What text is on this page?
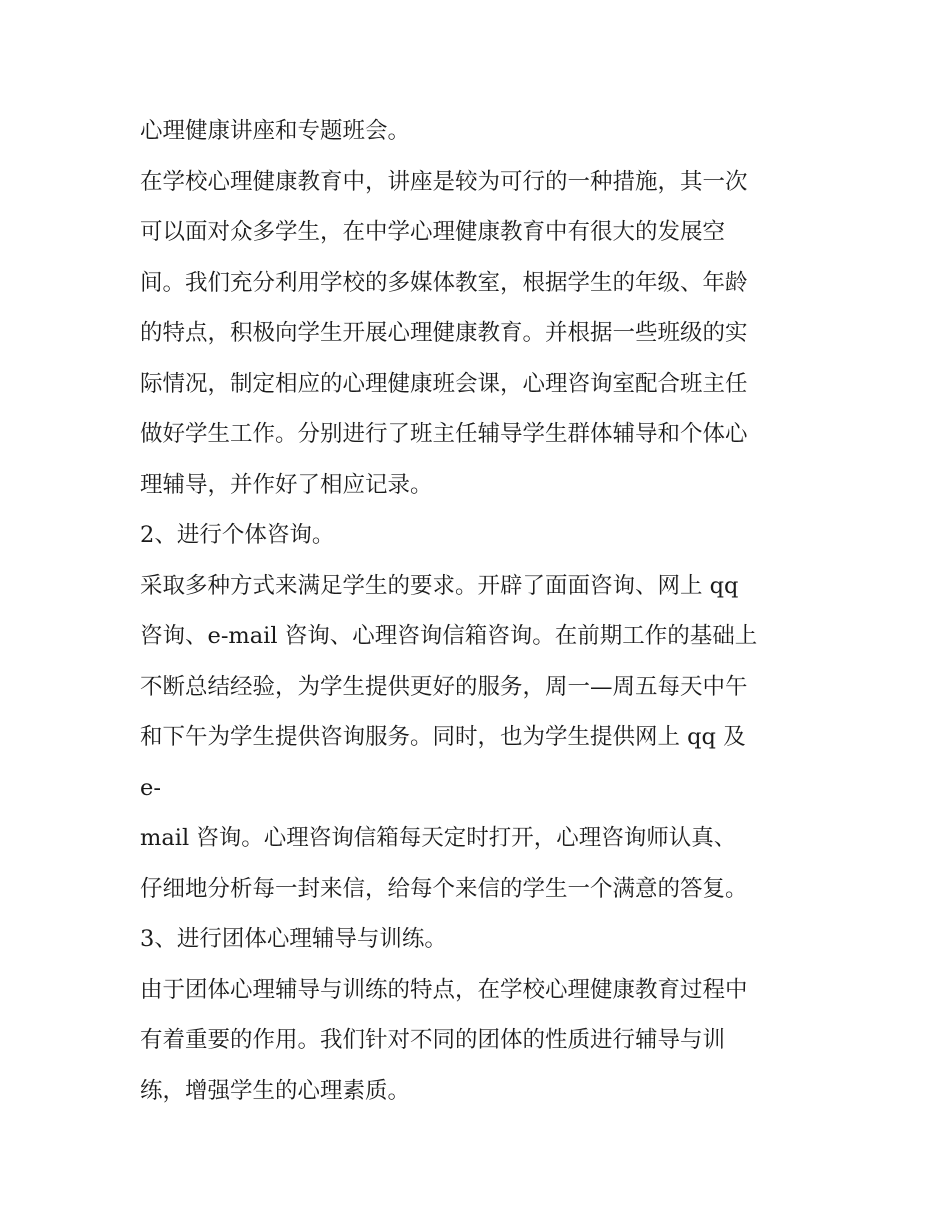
心理健康讲座和专题班会。
在学校心理健康教育中，讲座是较为可行的一种措施，其一次
可以面对众多学生，在中学心理健康教育中有很大的发展空
间。我们充分利用学校的多媒体教室，根据学生的年级、年龄
的特点，积极向学生开展心理健康教育。并根据一些班级的实
际情况，制定相应的心理健康班会课，心理咨询室配合班主任
做好学生工作。分别进行了班主任辅导学生群体辅导和个体心
理辅导，并作好了相应记录。
2、进行个体咨询。
采取多种方式来满足学生的要求。开辟了面面咨询、网上 qq
咨询、e-mail 咨询、心理咨询信箱咨询。在前期工作的基础上
不断总结经验，为学生提供更好的服务，周一—周五每天中午
和下午为学生提供咨询服务。同时，也为学生提供网上 qq 及
e-
mail 咨询。心理咨询信箱每天定时打开，心理咨询师认真、
仔细地分析每一封来信，给每个来信的学生一个满意的答复。
3、进行团体心理辅导与训练。
由于团体心理辅导与训练的特点，在学校心理健康教育过程中
有着重要的作用。我们针对不同的团体的性质进行辅导与训
练，增强学生的心理素质。
